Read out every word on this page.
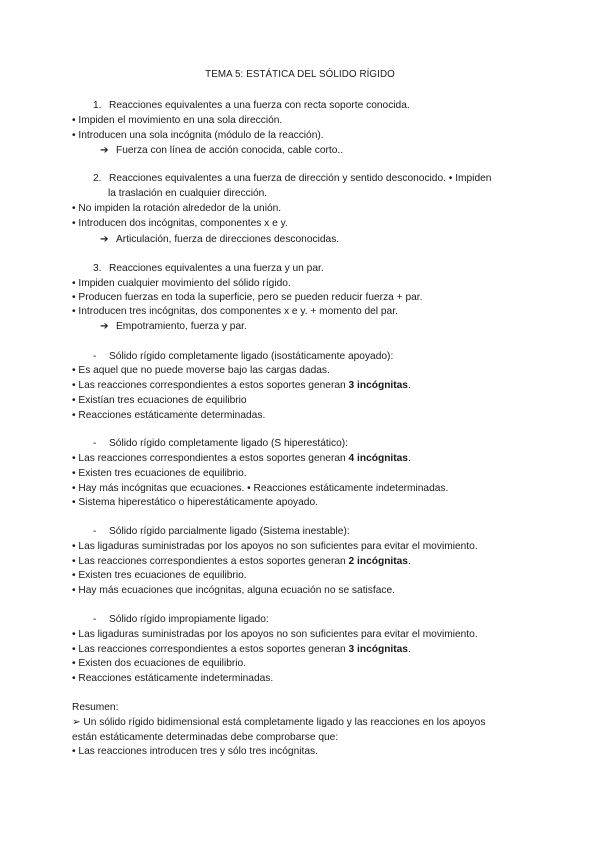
TEMA 5: ESTÁTICA DEL SÓLIDO RÍGIDO
1. Reacciones equivalentes a una fuerza con recta soporte conocida.
• Impiden el movimiento en una sola dirección.
• Introducen una sola incógnita (módulo de la reacción).
➔ Fuerza con línea de acción conocida, cable corto..
2. Reacciones equivalentes a una fuerza de dirección y sentido desconocido. • Impiden
la traslación en cualquier dirección.
• No impiden la rotación alrededor de la unión.
• Introducen dos incógnitas, componentes x e y.
➔ Articulación, fuerza de direcciones desconocidas.
3. Reacciones equivalentes a una fuerza y un par.
• Impiden cualquier movimiento del sólido rígido.
• Producen fuerzas en toda la superficie, pero se pueden reducir fuerza + par.
• Introducen tres incógnitas, dos componentes x e y. + momento del par.
➔ Empotramiento, fuerza y par.
- Sólido rígido completamente ligado (isostáticamente apoyado):
• Es aquel que no puede moverse bajo las cargas dadas.
• Las reacciones correspondientes a estos soportes generan 3 incógnitas.
• Existían tres ecuaciones de equilibrio
• Reacciones estáticamente determinadas.
- Sólido rígido completamente ligado (S hiperestático):
• Las reacciones correspondientes a estos soportes generan 4 incógnitas.
• Existen tres ecuaciones de equilibrio.
• Hay más incógnitas que ecuaciones. • Reacciones estáticamente indeterminadas.
• Sistema hiperestático o hiperestáticamente apoyado.
- Sólido rígido parcialmente ligado (Sistema inestable):
• Las ligaduras suministradas por los apoyos no son suficientes para evitar el movimiento.
• Las reacciones correspondientes a estos soportes generan 2 incógnitas.
• Existen tres ecuaciones de equilibrio.
• Hay más ecuaciones que incógnitas, alguna ecuación no se satisface.
- Sólido rígido impropiamente ligado:
• Las ligaduras suministradas por los apoyos no son suficientes para evitar el movimiento.
• Las reacciones correspondientes a estos soportes generan 3 incógnitas.
• Existen dos ecuaciones de equilibrio.
• Reacciones estáticamente indeterminadas.
Resumen:
➢ Un sólido rígido bidimensional está completamente ligado y las reacciones en los apoyos
están estáticamente determinadas debe comprobarse que:
• Las reacciones introducen tres y sólo tres incógnitas.
